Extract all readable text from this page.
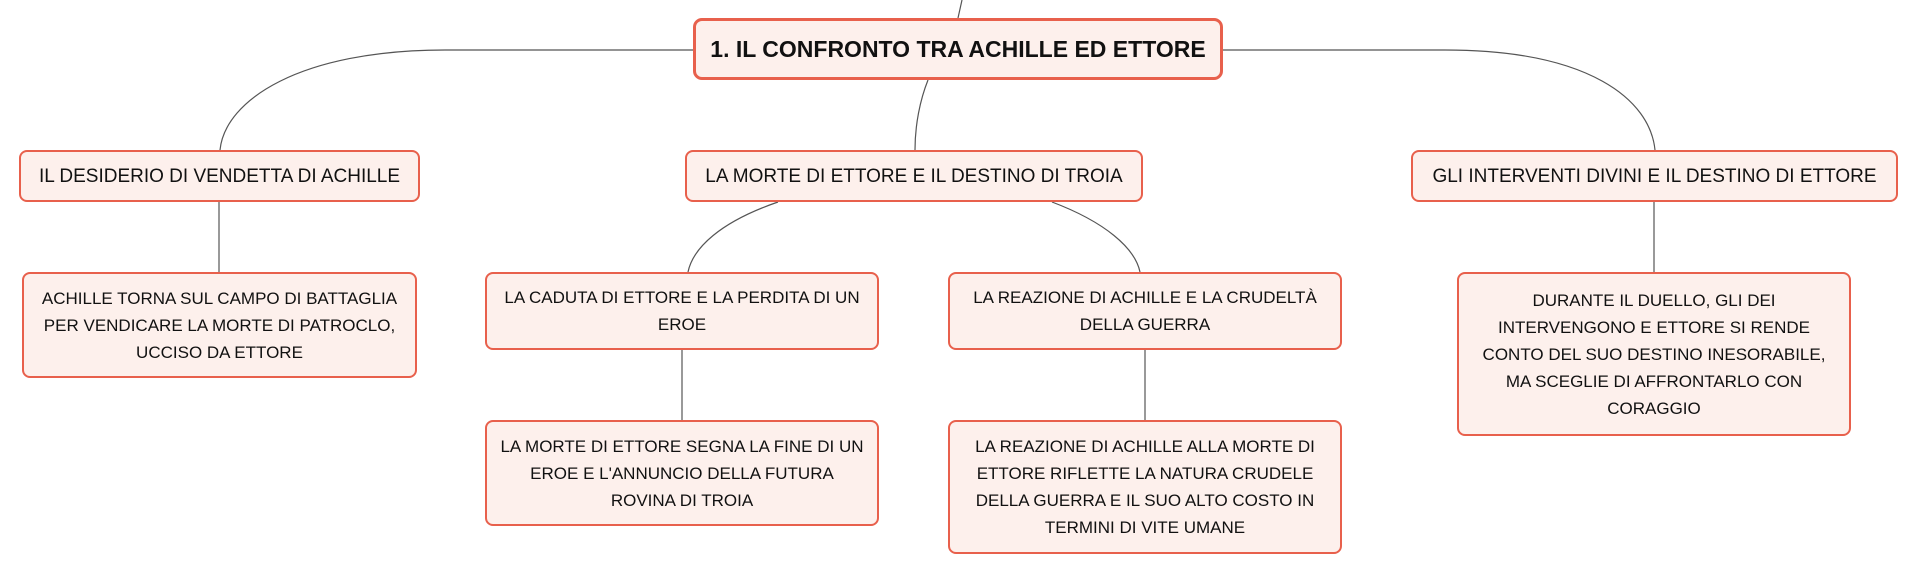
1. IL CONFRONTO TRA ACHILLE ED ETTORE
IL DESIDERIO DI VENDETTA DI ACHILLE	LA MORTE DI ETTORE E IL DESTINO DI TROIA	GLI INTERVENTI DIVINI E IL DESTINO DI ETTORE
ACHILLE TORNA SUL CAMPO DI BATTAGLIA PER VENDICARE LA MORTE DI PATROCLO, UCCISO DA ETTORE
LA CADUTA DI ETTORE E LA PERDITA DI UN EROE
LA REAZIONE DI ACHILLE E LA CRUDELTÀ DELLA GUERRA
LA MORTE DI ETTORE SEGNA LA FINE DI UN EROE E L'ANNUNCIO DELLA FUTURA ROVINA DI TROIA
LA REAZIONE DI ACHILLE ALLA MORTE DI ETTORE RIFLETTE LA NATURA CRUDELE DELLA GUERRA E IL SUO ALTO COSTO IN TERMINI DI VITE UMANE
DURANTE IL DUELLO, GLI DEI INTERVENGONO E ETTORE SI RENDE CONTO DEL SUO DESTINO INESORABILE, MA SCEGLIE DI AFFRONTARLO CON CORAGGIO
